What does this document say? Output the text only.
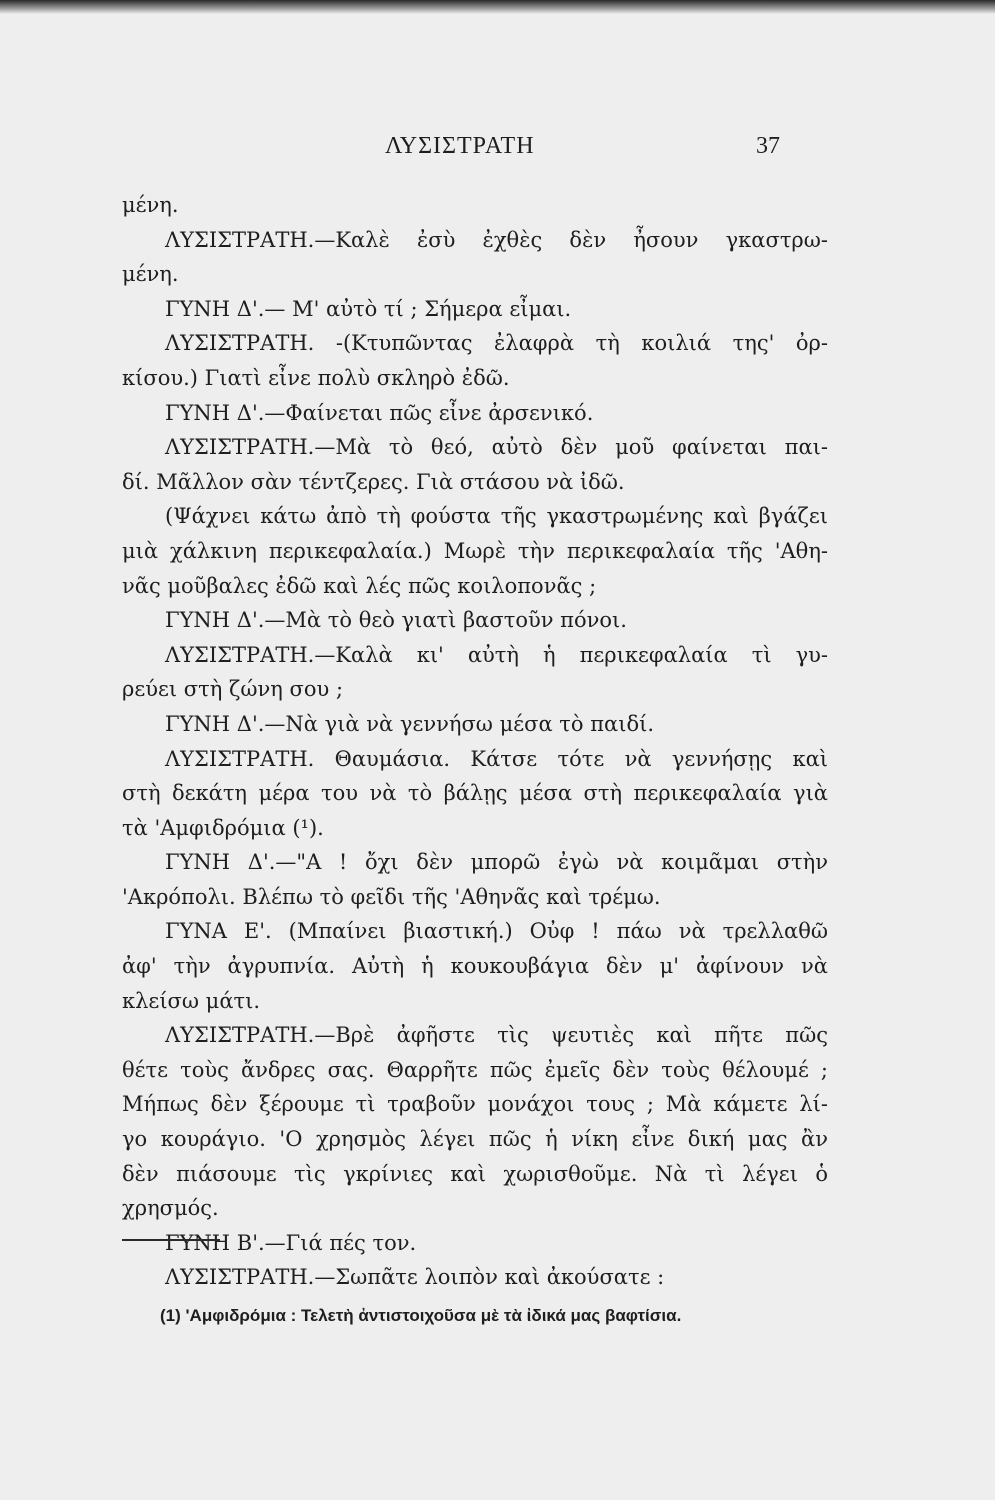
ΛΥΣΙΣΤΡΑΤΗ	37
μένη.
ΛΥΣΙΣΤΡΑΤΗ.—Καλὲ ἐσὺ ἐχθὲς δὲν ἦσουν γκαστρω-
μένη.
ΓΥΝΗ Δ'.— Μ' αὐτὸ τί ; Σήμερα εἶμαι.
ΛΥΣΙΣΤΡΑΤΗ. -(Κτυπῶντας ἐλαφρὰ τὴ κοιλιά της' ὀρ-
κίσου.) Γιατὶ εἶνε πολὺ σκληρὸ ἐδῶ.
ΓΥΝΗ Δ'.—Φαίνεται πῶς εἶνε ἀρσενικό.
ΛΥΣΙΣΤΡΑΤΗ.—Μὰ τὸ θεό, αὐτὸ δὲν μοῦ φαίνεται παι-
δί. Μᾶλλον σὰν τέντζερες. Γιὰ στάσου νὰ ἰδῶ.
(Ψάχνει κάτω ἀπὸ τὴ φούστα τῆς γκαστρωμένης καὶ βγάζει
μιὰ χάλκινη περικεφαλαία.) Μωρὲ τὴν περικεφαλαία τῆς 'Αθη-
νᾶς μοῦβαλες ἐδῶ καὶ λές πῶς κοιλοπονᾶς ;
ΓΥΝΗ Δ'.—Μὰ τὸ θεὸ γιατὶ βαστοῦν πόνοι.
ΛΥΣΙΣΤΡΑΤΗ.—Καλὰ κι' αὐτὴ ἡ περικεφαλαία τὶ γυ-
ρεύει στὴ ζώνη σου ;
ΓΥΝΗ Δ'.—Νὰ γιὰ νὰ γεννήσω μέσα τὸ παιδί.
ΛΥΣΙΣΤΡΑΤΗ. Θαυμάσια. Κάτσε τότε νὰ γεννήσῃς καὶ
στὴ δεκάτη μέρα του νὰ τὸ βάλῃς μέσα στὴ περικεφαλαία γιὰ
τὰ 'Αμφιδρόμια (¹).
ΓΥΝΗ Δ'.—"Α ! ὄχι δὲν μπορῶ ἐγὼ νὰ κοιμᾶμαι στὴν
'Ακρόπολι. Βλέπω τὸ φεῖδι τῆς 'Αθηνᾶς καὶ τρέμω.
ΓΥΝΑ Ε'. (Μπαίνει βιαστική.) Οὐφ ! πάω νὰ τρελλαθῶ
ἀφ' τὴν ἀγρυπνία. Αὐτὴ ἡ κουκουβάγια δὲν μ' ἀφίνουν νὰ
κλείσω μάτι.
ΛΥΣΙΣΤΡΑΤΗ.—Βρὲ ἀφῆστε τὶς ψευτιὲς καὶ πῆτε πῶς
θέτε τοὺς ἄνδρες σας. Θαρρῆτε πῶς ἐμεῖς δὲν τοὺς θέλουμέ ;
Μήπως δὲν ξέρουμε τὶ τραβοῦν μονάχοι τους ; Μὰ κάμετε λί-
γο κουράγιο. 'Ο χρησμὸς λέγει πῶς ἡ νίκη εἶνε δική μας ἂν
δὲν πιάσουμε τὶς γκρίνιες καὶ χωρισθοῦμε. Νὰ τὶ λέγει ὁ
χρησμός.
ΓΥΝΗ Β'.—Γιά πές τον.
ΛΥΣΙΣΤΡΑΤΗ.—Σωπᾶτε λοιπὸν καὶ ἀκούσατε :
(1) 'Αμφιδρόμια : Τελετὴ ἀντιστοιχοῦσα μὲ τὰ ἰδικά μας βαφτίσια.
